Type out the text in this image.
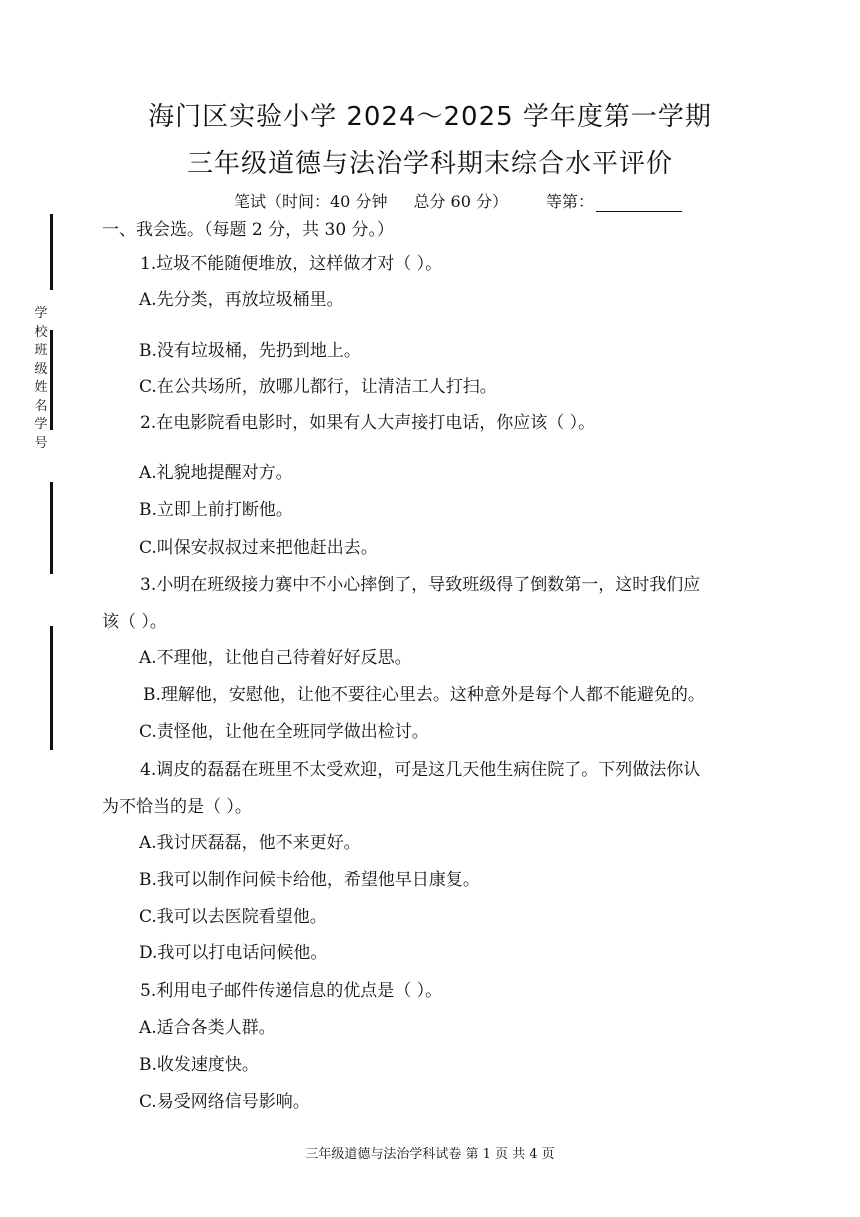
海门区实验小学 2024～2025 学年度第一学期
三年级道德与法治学科期末综合水平评价
笔试（时间：40 分钟 总分 60 分） 等第：
学
校
班
级
姓
名
学
号
一、我会选。（每题 2 分，共 30 分。）
1.垃圾不能随便堆放，这样做才对（ ）。
A.先分类，再放垃圾桶里。
B.没有垃圾桶，先扔到地上。
C.在公共场所，放哪儿都行，让清洁工人打扫。
2.在电影院看电影时，如果有人大声接打电话，你应该（ ）。
A.礼貌地提醒对方。
B.立即上前打断他。
C.叫保安叔叔过来把他赶出去。
3.小明在班级接力赛中不小心摔倒了，导致班级得了倒数第一，这时我们应
该（ ）。
A.不理他，让他自己待着好好反思。
B.理解他，安慰他，让他不要往心里去。这种意外是每个人都不能避免的。
C.责怪他，让他在全班同学做出检讨。
4.调皮的磊磊在班里不太受欢迎，可是这几天他生病住院了。下列做法你认
为不恰当的是（ ）。
A.我讨厌磊磊，他不来更好。
B.我可以制作问候卡给他，希望他早日康复。
C.我可以去医院看望他。
D.我可以打电话问候他。
5.利用电子邮件传递信息的优点是（ ）。
A.适合各类人群。
B.收发速度快。
C.易受网络信号影响。
三年级道德与法治学科试卷 第 1 页 共 4 页
